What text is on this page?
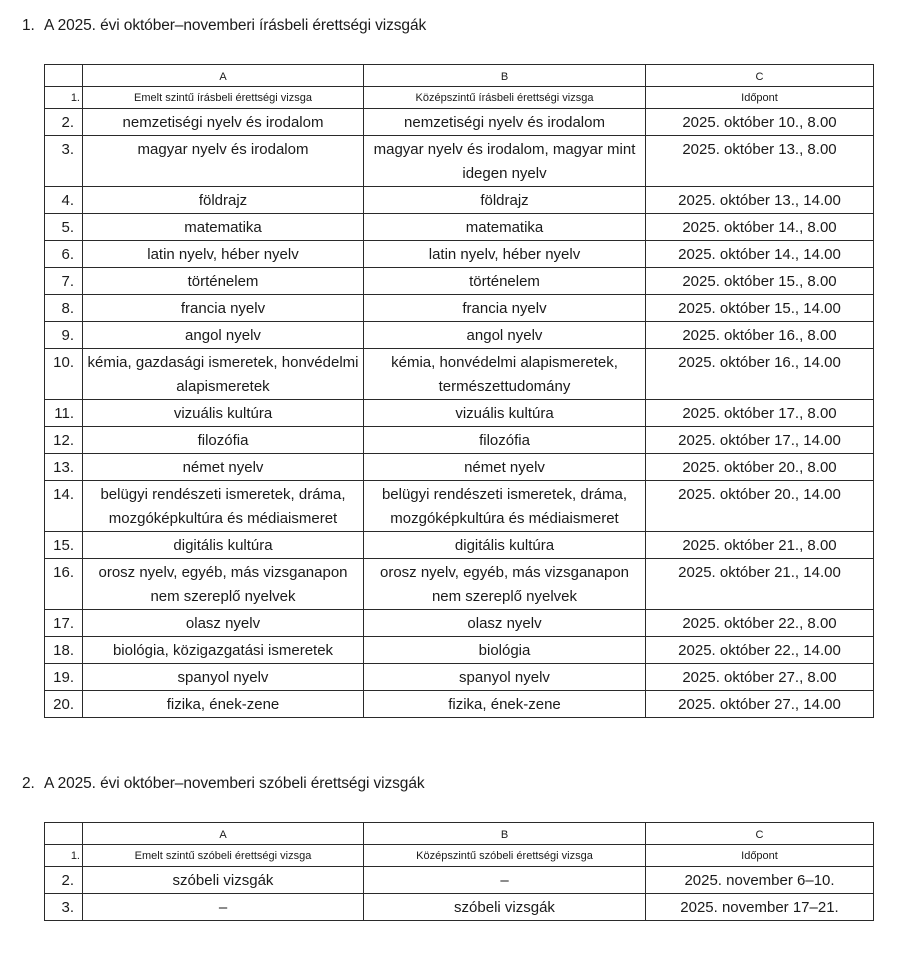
1. A 2025. évi október–novemberi írásbeli érettségi vizsgák
	A	B	C
1.	Emelt szintű írásbeli érettségi vizsga	Középszintű írásbeli érettségi vizsga	Időpont
2.	nemzetiségi nyelv és irodalom	nemzetiségi nyelv és irodalom	2025. október 10., 8.00
3.	magyar nyelv és irodalom	magyar nyelv és irodalom, magyar mint idegen nyelv	2025. október 13., 8.00
4.	földrajz	földrajz	2025. október 13., 14.00
5.	matematika	matematika	2025. október 14., 8.00
6.	latin nyelv, héber nyelv	latin nyelv, héber nyelv	2025. október 14., 14.00
7.	történelem	történelem	2025. október 15., 8.00
8.	francia nyelv	francia nyelv	2025. október 15., 14.00
9.	angol nyelv	angol nyelv	2025. október 16., 8.00
10.	kémia, gazdasági ismeretek, honvédelmi alapismeretek	kémia, honvédelmi alapismeretek, természettudomány	2025. október 16., 14.00
11.	vizuális kultúra	vizuális kultúra	2025. október 17., 8.00
12.	filozófia	filozófia	2025. október 17., 14.00
13.	német nyelv	német nyelv	2025. október 20., 8.00
14.	belügyi rendészeti ismeretek, dráma, mozgóképkultúra és médiaismeret	belügyi rendészeti ismeretek, dráma, mozgóképkultúra és médiaismeret	2025. október 20., 14.00
15.	digitális kultúra	digitális kultúra	2025. október 21., 8.00
16.	orosz nyelv, egyéb, más vizsganapon nem szereplő nyelvek	orosz nyelv, egyéb, más vizsganapon nem szereplő nyelvek	2025. október 21., 14.00
17.	olasz nyelv	olasz nyelv	2025. október 22., 8.00
18.	biológia, közigazgatási ismeretek	biológia	2025. október 22., 14.00
19.	spanyol nyelv	spanyol nyelv	2025. október 27., 8.00
20.	fizika, ének-zene	fizika, ének-zene	2025. október 27., 14.00
2. A 2025. évi október–novemberi szóbeli érettségi vizsgák
	A	B	C
1.	Emelt szintű szóbeli érettségi vizsga	Középszintű szóbeli érettségi vizsga	Időpont
2.	szóbeli vizsgák	–	2025. november 6–10.
3.	–	szóbeli vizsgák	2025. november 17–21.
